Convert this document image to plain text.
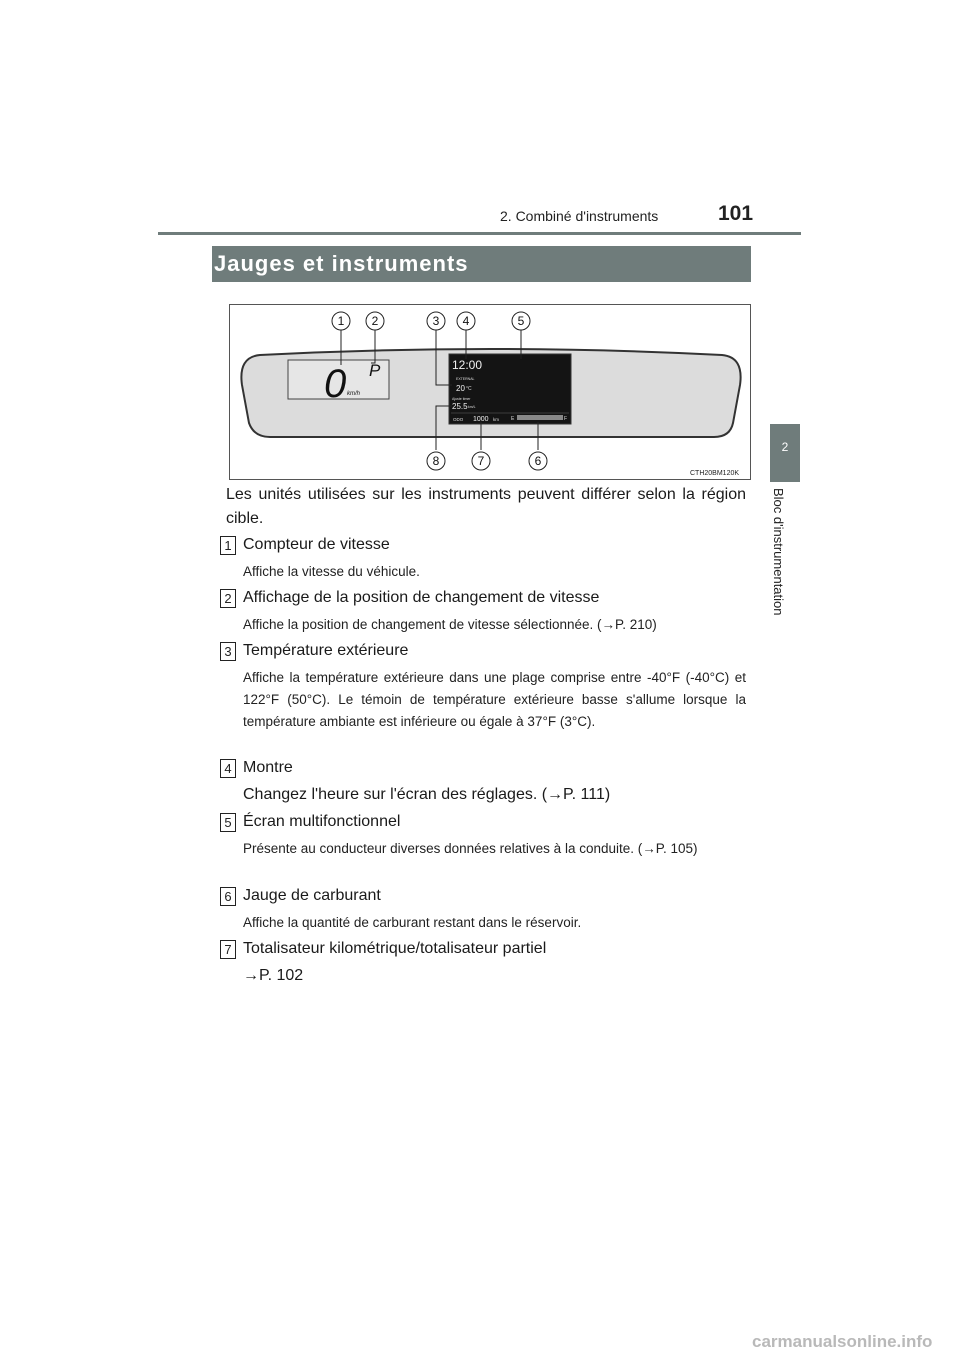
2. Combiné d'instruments	101
2
Bloc d'instrumentation
Jauges et instruments
0 km/h
P	12:00
EXTERNAL
20 °C
Ajuste timer
25.5 km/L
ODO 1000 km E	F
1 2	3 4	5
6
7
8
CTH20BM120K
Les unités utilisées sur les instruments peuvent différer selon la région cible.
1 Compteur de vitesse
Affiche la vitesse du véhicule.
2 Affichage de la position de changement de vitesse
Affiche la position de changement de vitesse sélectionnée. (→P. 210)
3 Température extérieure
Affiche la température extérieure dans une plage comprise entre -40°F (-40°C) et 122°F (50°C). Le témoin de température extérieure basse s'allume lorsque la température ambiante est inférieure ou égale à 37°F (3°C).
4 Montre
Changez l'heure sur l'écran des réglages. (→P. 111)
5 Écran multifonctionnel
Présente au conducteur diverses données relatives à la conduite. (→P. 105)
6 Jauge de carburant
Affiche la quantité de carburant restant dans le réservoir.
7 Totalisateur kilométrique/totalisateur partiel
→P. 102
carmanualsonline.info
